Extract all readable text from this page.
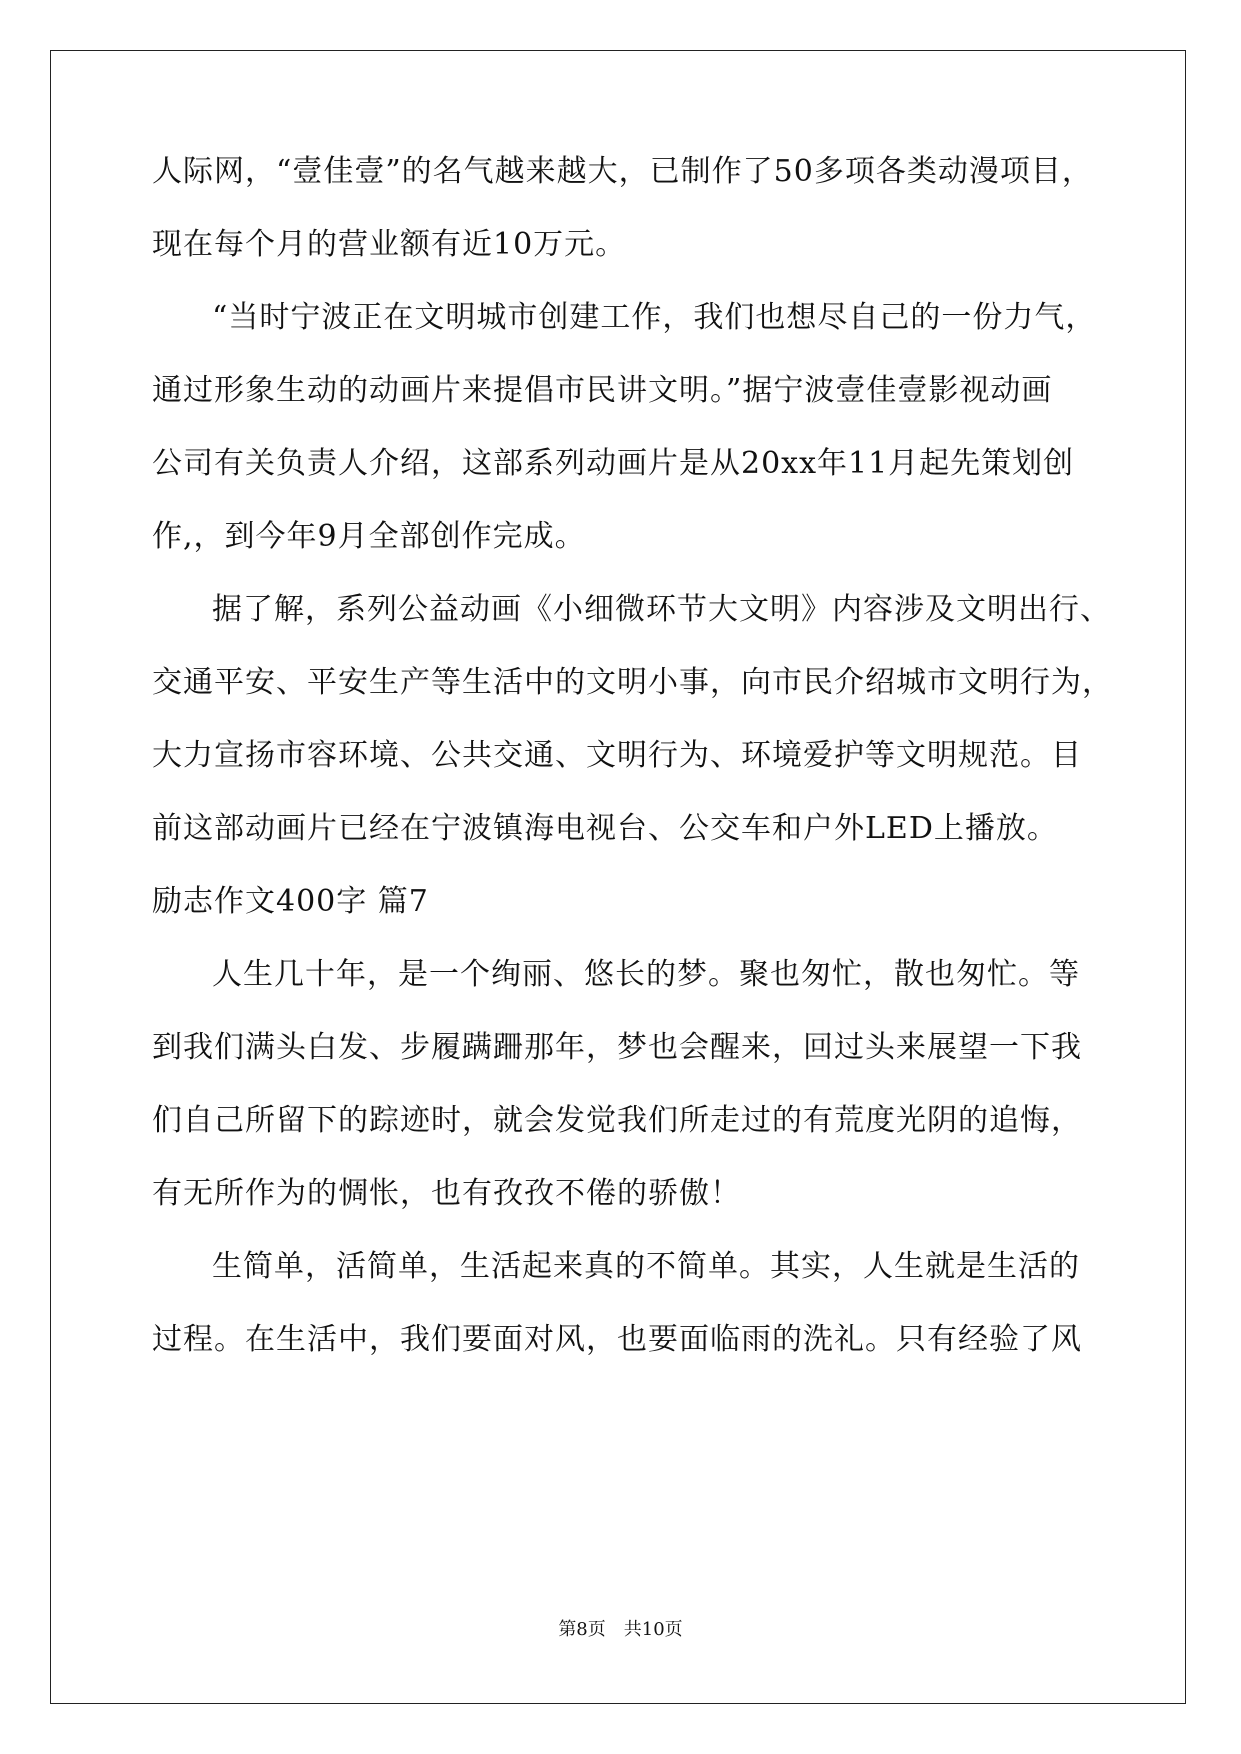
人际网，“壹佳壹”的名气越来越大，已制作了50多项各类动漫项目，
现在每个月的营业额有近10万元。
“当时宁波正在文明城市创建工作，我们也想尽自己的一份力气，
通过形象生动的动画片来提倡市民讲文明。”据宁波壹佳壹影视动画
公司有关负责人介绍，这部系列动画片是从20xx年11月起先策划创
作,，到今年9月全部创作完成。
据了解，系列公益动画《小细微环节大文明》内容涉及文明出行、
交通平安、平安生产等生活中的文明小事，向市民介绍城市文明行为，
大力宣扬市容环境、公共交通、文明行为、环境爱护等文明规范。目
前这部动画片已经在宁波镇海电视台、公交车和户外LED上播放。
励志作文400字 篇7
人生几十年，是一个绚丽、悠长的梦。聚也匆忙，散也匆忙。等
到我们满头白发、步履蹒跚那年，梦也会醒来，回过头来展望一下我
们自己所留下的踪迹时，就会发觉我们所走过的有荒度光阴的追悔，
有无所作为的惆怅，也有孜孜不倦的骄傲！
生简单，活简单，生活起来真的不简单。其实，人生就是生活的
过程。在生活中，我们要面对风，也要面临雨的洗礼。只有经验了风
第8页 共10页
